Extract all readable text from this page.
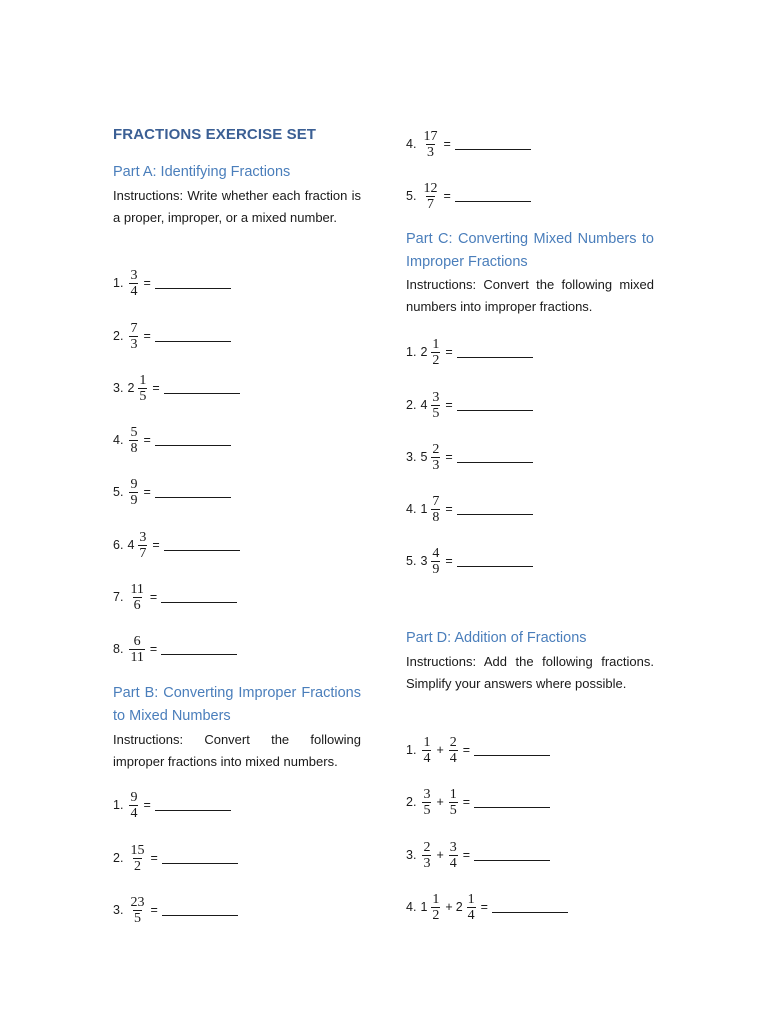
FRACTIONS EXERCISE SET
Part A: Identifying Fractions
Instructions: Write whether each fraction is a proper, improper, or a mixed number.
1. $\frac{3}{4}$ =
2. $\frac{7}{3}$ =
3. $2 \frac{1}{5}$ =
4. $\frac{5}{8}$ =
5. $\frac{9}{9}$ =
6. $4 \frac{3}{7}$ =
7. $\frac{11}{6}$ =
8. $\frac{6}{11}$ =
Part B: Converting Improper Fractions to Mixed Numbers
Instructions: Convert the following improper fractions into mixed numbers.
1. $\frac{9}{4}$ =
2. $\frac{15}{2}$ =
3. $\frac{23}{5}$ =
4. $\frac{17}{3}$ =
5. $\frac{12}{7}$ =
Part C: Converting Mixed Numbers to Improper Fractions
Instructions: Convert the following mixed numbers into improper fractions.
1. $2 \frac{1}{2}$ =
2. $4 \frac{3}{5}$ =
3. $5 \frac{2}{3}$ =
4. $1 \frac{7}{8}$ =
5. $3 \frac{4}{9}$ =
Part D: Addition of Fractions
Instructions: Add the following fractions. Simplify your answers where possible.
1. $\frac{1}{4} + \frac{2}{4}$ =
2. $\frac{3}{5} + \frac{1}{5}$ =
3. $\frac{2}{3} + \frac{3}{4}$ =
4. $1 \frac{1}{2} + 2 \frac{1}{4}$ =
